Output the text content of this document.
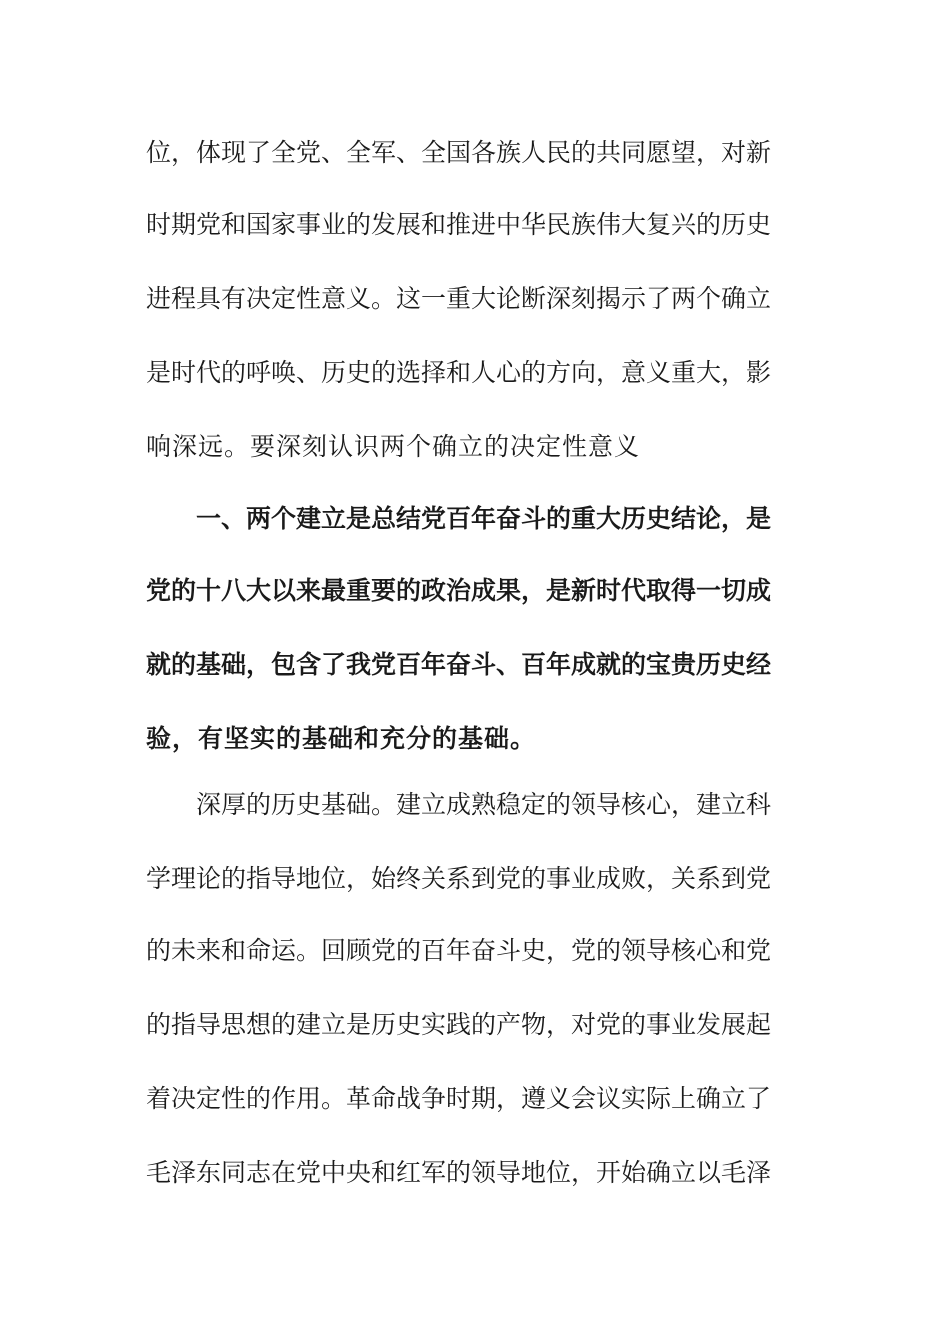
位，体现了全党、全军、全国各族人民的共同愿望，对新
时期党和国家事业的发展和推进中华民族伟大复兴的历史
进程具有决定性意义。这一重大论断深刻揭示了两个确立
是时代的呼唤、历史的选择和人心的方向，意义重大，影
响深远。要深刻认识两个确立的决定性意义
一、两个建立是总结党百年奋斗的重大历史结论，是
党的十八大以来最重要的政治成果，是新时代取得一切成
就的基础，包含了我党百年奋斗、百年成就的宝贵历史经
验，有坚实的基础和充分的基础。
深厚的历史基础。建立成熟稳定的领导核心，建立科
学理论的指导地位，始终关系到党的事业成败，关系到党
的未来和命运。回顾党的百年奋斗史，党的领导核心和党
的指导思想的建立是历史实践的产物，对党的事业发展起
着决定性的作用。革命战争时期，遵义会议实际上确立了
毛泽东同志在党中央和红军的领导地位，开始确立以毛泽
